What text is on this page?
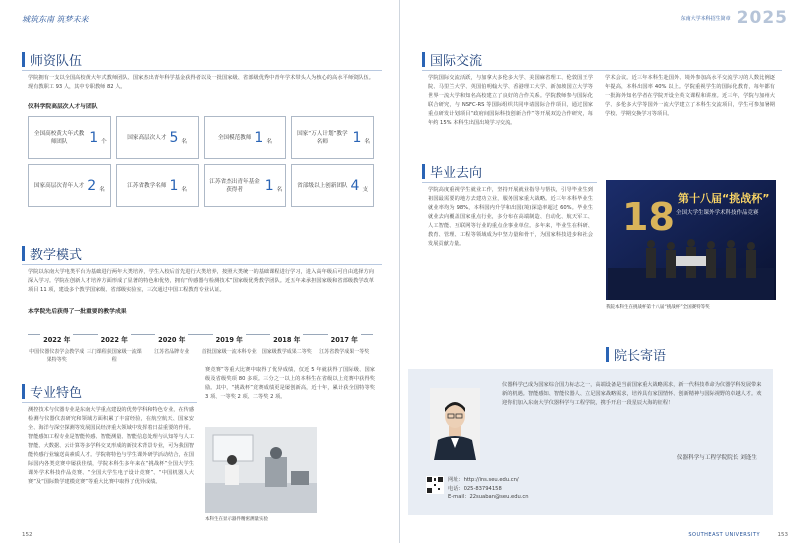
城筑东南 筑梦未来
师资队伍
学院拥有一支以全国高校黄大年式教师团队、国家杰出青年科学基金获得者以及一批国家级、省部级优秀中青年学术带头人为核心的高水平师资队伍。现有教职工 93 人，其中专职教师 82 人。
仪科学院高层次人才与团队
全国高校黄大年式教师团队	1 个
国家高层次人才 5 名
全国模范教师 1 名
国家“万人计划”教学名师	1 名
国家高层次青年人才 2 名
江苏省教学名师 1 名
江苏省杰出青年基金获得者	1 名
省部级以上创新团队 4 支
教学模式
学院以东南大学电类平台为基础进行两年大类培养，学生入校后首先进行大类培养，按照大类统一的基础课程进行学习，进入高年级后可自由选择方向深入学习。学院在创新人才培养方面形成了显著的特色和优势，拥有“传感器与检测技术”国家级优秀教学团队。近五年来承担国家级和省部级教学改革项目 11 项，建设多个教学国家级、省部级实验室，三次通过中国工程教育专业认证。
本学院先后获得了一批重要的教学成果
2022 年
中国仪器仪表学会教学成果特等奖
2022 年
三门课程获国家级一流课程
2020 年
江苏省品牌专业
2019 年
首批国家级一流本科专业
2018 年
国家级教学成果二等奖
2017 年
江苏省教学成果一等奖
专业特色
测控技术与仪器专业是东南大学重点建设的优势学科和特色专业，在传感检测与仪器仪表研究和领域方面积累了丰富经验，在航空航天、国家安全、海洋与深空探测等发展国民经济重大领域中发挥着日益重要的作用。智能感知工程专业是智能传感、智能测量、智能信息处理与认知等与人工智能、大数据、云计算等多学科交叉形成的新技术背景专业，可为我国智能传感行业输送高素质人才。学院将特色与学生课外研学活动结合，在国际国内各类竞赛中屡获佳绩，学院本科生多年来在“挑战杯”全国大学生课外学术科技作品竞赛、“全国大学生电子设计竞赛”、“中国机器人大赛”及“国际数学建模竞赛”等重大比赛中取得了优异成绩。
赛竞赛”等重大比赛中取得了优异成绩，仅近 5 年就获得了国际级、国家级及省级奖项 80 多项。三分之一以上的本科生在省级以上竞赛中获得奖励。其中，“挑战杯”竞赛成绩更是屡创新高，近十年，累计获全国特等奖 3 项、一等奖 2 项、二等奖 2 项。
本科生在显示器件精密测量实验
152
东南大学本科招生简章 2025
国际交流
学院国际交流活跃，与加拿大多伦多大学、美国麻省理工、伦敦国王学院、马里兰大学、英国伯明翰大学、香港理工大学、新加坡国立大学等世界一流大学和知名高校建立了良好的合作关系。学院教师参与国际化联合研究，与 NSFC-RS 等国际组织共同申请国际合作项目，通过国家重点研发计划项目“政府间国际科技创新合作”等开展双边合作研究，每年约 15% 本科生出国出境学习交流。
学术会议。近三年本科生赴国外、境外参加高水平交流学习的人数比例逐年提高，本科出国率 40% 以上。学院重视学生的国际化教育，每年都有一批海外知名学者在学院开设全英文课程和讲座。近三年，学院与加州大学、多伦多大学等国外一流大学建立了本科生交流项目，学生可参加暑期学校、学期交换学习等项目。
毕业去向
学院高度重视学生就业工作，坚持开展就业指导与帮扶，引导毕业生到祖国最需要的地方去建功立业，服务国家重大战略。近三年本科毕业生就业率均为 98%，本科国内升学和出国(境)深造率超过 60%。毕业生就业去向覆盖国家重点行业，多分布在高端制造、自动化、航天军工、人工智能、互联网等行业的重点企事业单位。多年来，毕业生在科研、教育、管理、工程等领域成为中坚力量和骨干，为国家科技进步和社会发展贡献力量。
18 第十八届“挑战杯”
全国大学生课外学术科技作品竞赛
我院本科生在挑战杯第十八届“挑战杯”全国赛特等奖
院长寄语
SOUTHEAST UNIVERSITY	153
仪器科学已成为国家综合国力标志之一，高端设备是当前国家重大战略需求，新一代科技革命为仪器学科发展带来新的机遇。智能感知、智能仪器人、立足国家战略需求，培养具有家国情怀、创新精神与国际视野的卓越人才。欢迎你们加入东南大学仪器科学与工程学院，携手开启一段星辰大海的征程！
仪器科学与工程学院院长 刘逢生
网址：http://ins.seu.edu.cn/
电话：025-83794158
E-mail：22suaban@seu.edu.cn
